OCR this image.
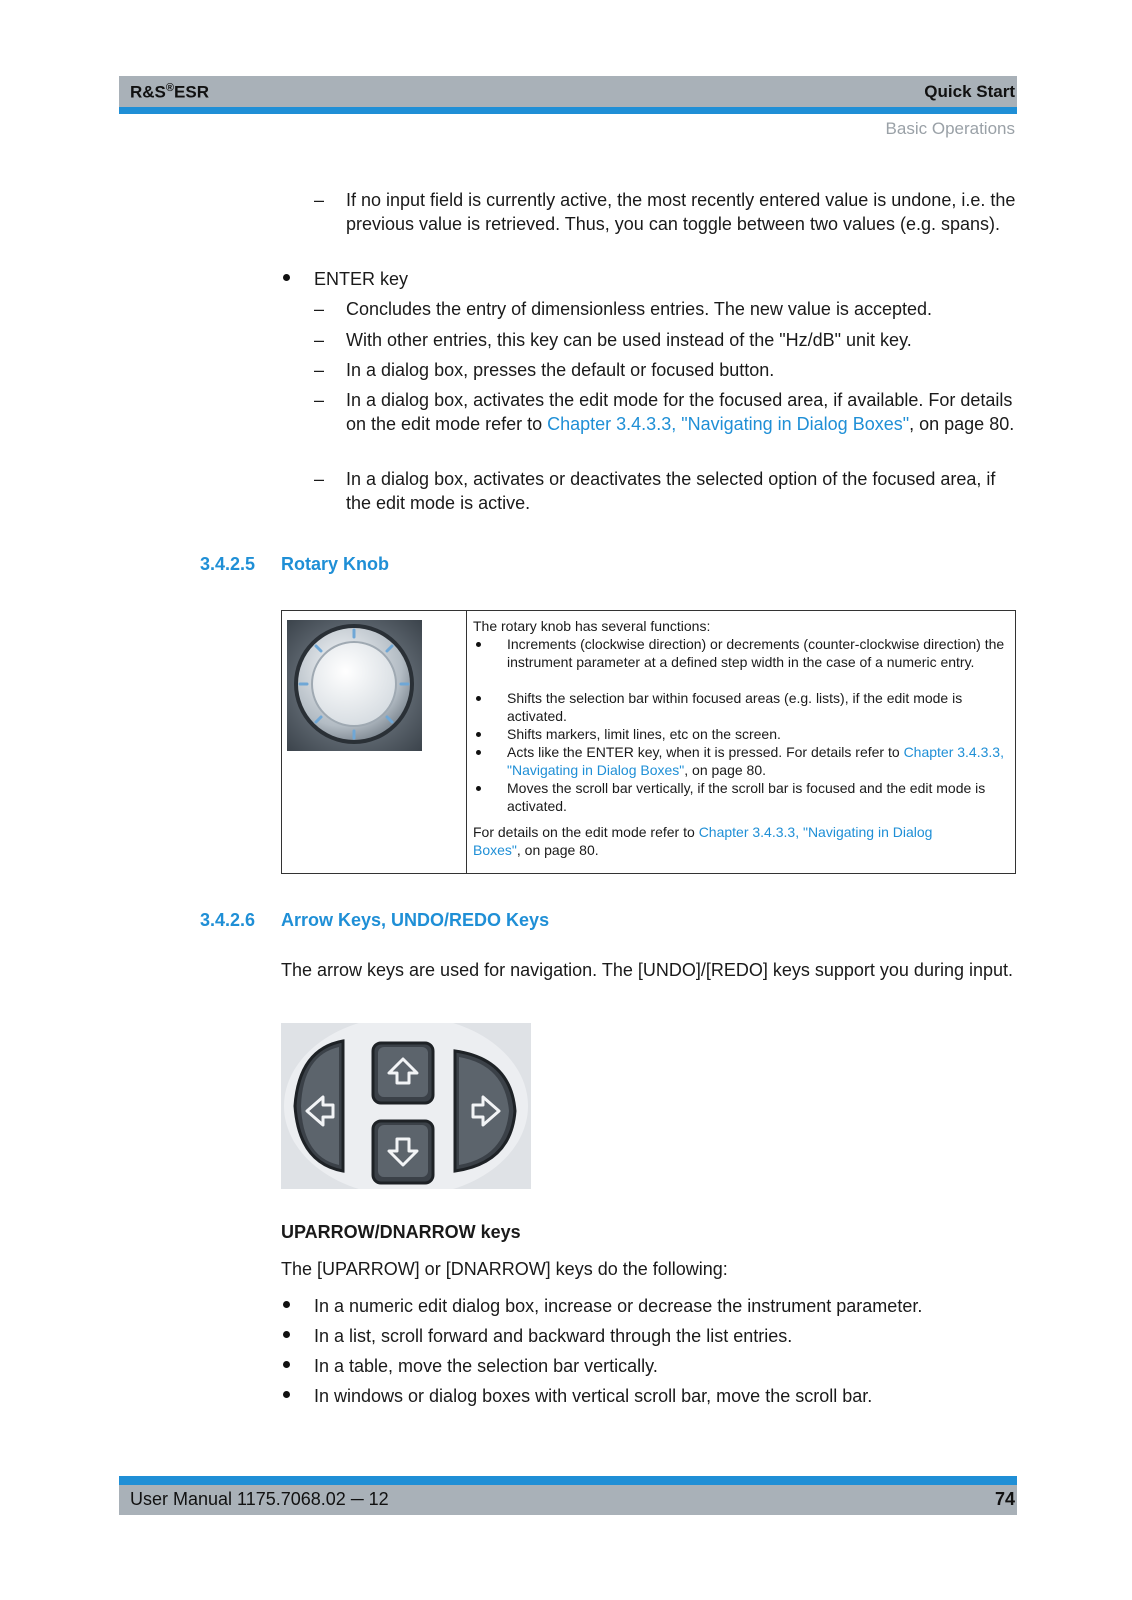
R&S®ESR	Quick Start
Basic Operations
– If no input field is currently active, the most recently entered value is undone, i.e. the previous value is retrieved. Thus, you can toggle between two values (e.g. spans).
ENTER key
– Concludes the entry of dimensionless entries. The new value is accepted.
– With other entries, this key can be used instead of the "Hz/dB" unit key.
– In a dialog box, presses the default or focused button.
– In a dialog box, activates the edit mode for the focused area, if available. For details on the edit mode refer to Chapter 3.4.3.3, "Navigating in Dialog Boxes", on page 80.
– In a dialog box, activates or deactivates the selected option of the focused area, if the edit mode is active.
3.4.2.5 Rotary Knob
The rotary knob has several functions:
Increments (clockwise direction) or decrements (counter-clockwise direction) the instrument parameter at a defined step width in the case of a numeric entry.
Shifts the selection bar within focused areas (e.g. lists), if the edit mode is activated.
Shifts markers, limit lines, etc on the screen.
Acts like the ENTER key, when it is pressed. For details refer to Chapter 3.4.3.3, "Navigating in Dialog Boxes", on page 80.
Moves the scroll bar vertically, if the scroll bar is focused and the edit mode is activated.
For details on the edit mode refer to Chapter 3.4.3.3, "Navigating in Dialog Boxes", on page 80.
3.4.2.6 Arrow Keys, UNDO/REDO Keys
The arrow keys are used for navigation. The [UNDO]/[REDO] keys support you during input.
UPARROW/DNARROW keys
The [UPARROW] or [DNARROW] keys do the following:
In a numeric edit dialog box, increase or decrease the instrument parameter.
In a list, scroll forward and backward through the list entries.
In a table, move the selection bar vertically.
In windows or dialog boxes with vertical scroll bar, move the scroll bar.
User Manual 1175.7068.02 ─ 12	74
